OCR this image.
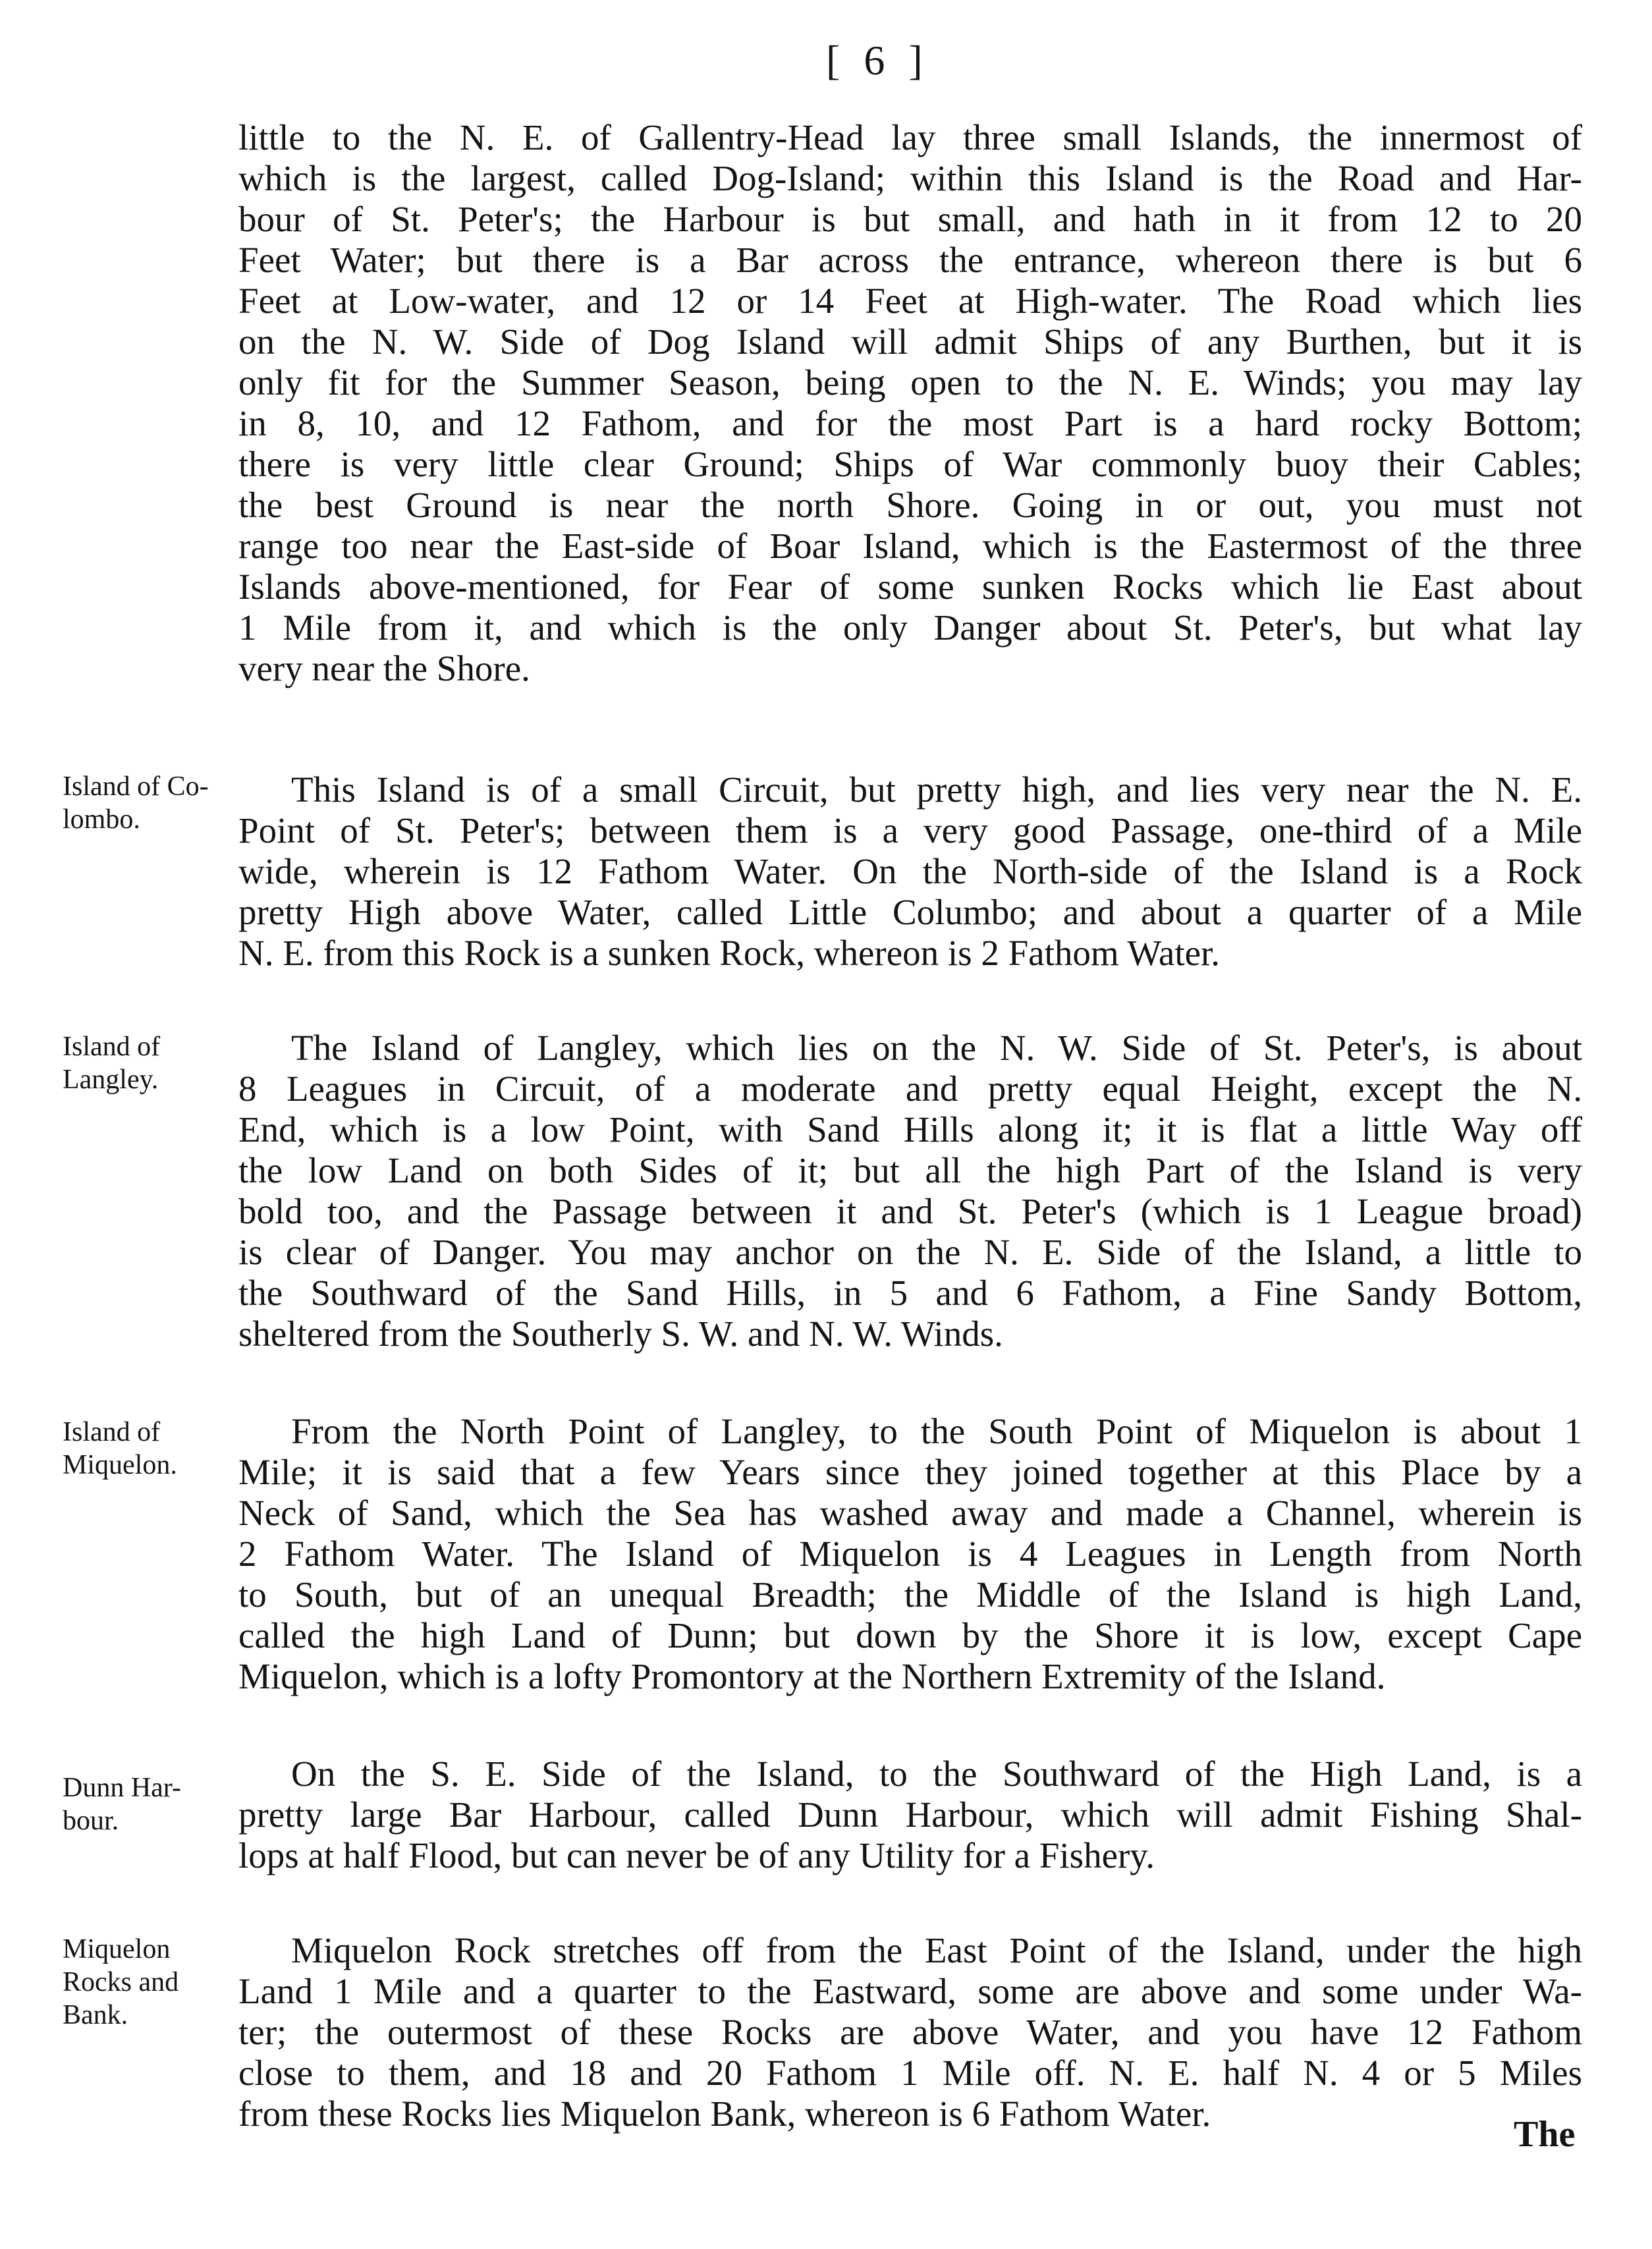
[ 6 ]

little to the N. E. of Gallentry-Head lay three small Islands, the innermost of

which is the largest, called Dog-Island; within this Island is the Road and Har-

bour of St. Peter's; the Harbour is but small, and hath in it from 12 to 20

Feet Water; but there is a Bar across the entrance, whereon there is but 6

Feet at Low-water, and 12 or 14 Feet at High-water. The Road which lies

on the N. W. Side of Dog Island will admit Ships of any Burthen, but it is

only fit for the Summer Season, being open to the N. E. Winds; you may lay

in 8, 10, and 12 Fathom, and for the most Part is a hard rocky Bottom;

there is very little clear Ground; Ships of War commonly buoy their Cables;

the best Ground is near the north Shore. Going in or out, you must not

range too near the East-side of Boar Island, which is the Eastermost of the three

Islands above-mentioned, for Fear of some sunken Rocks which lie East about

1 Mile from it, and which is the only Danger about St. Peter's, but what lay

very near the Shore.

Island of Co-

lombo.

This Island is of a small Circuit, but pretty high, and lies very near the N. E.

Point of St. Peter's; between them is a very good Passage, one-third of a Mile

wide, wherein is 12 Fathom Water. On the North-side of the Island is a Rock

pretty High above Water, called Little Columbo; and about a quarter of a Mile

N. E. from this Rock is a sunken Rock, whereon is 2 Fathom Water.

Island of

Langley.

The Island of Langley, which lies on the N. W. Side of St. Peter's, is about

8 Leagues in Circuit, of a moderate and pretty equal Height, except the N.

End, which is a low Point, with Sand Hills along it; it is flat a little Way off

the low Land on both Sides of it; but all the high Part of the Island is very

bold too, and the Passage between it and St. Peter's (which is 1 League broad)

is clear of Danger. You may anchor on the N. E. Side of the Island, a little to

the Southward of the Sand Hills, in 5 and 6 Fathom, a Fine Sandy Bottom,

sheltered from the Southerly S. W. and N. W. Winds.

Island of

Miquelon.

From the North Point of Langley, to the South Point of Miquelon is about 1

Mile; it is said that a few Years since they joined together at this Place by a

Neck of Sand, which the Sea has washed away and made a Channel, wherein is

2 Fathom Water. The Island of Miquelon is 4 Leagues in Length from North

to South, but of an unequal Breadth; the Middle of the Island is high Land,

called the high Land of Dunn; but down by the Shore it is low, except Cape

Miquelon, which is a lofty Promontory at the Northern Extremity of the Island.

Dunn Har-

bour.

On the S. E. Side of the Island, to the Southward of the High Land, is a

pretty large Bar Harbour, called Dunn Harbour, which will admit Fishing Shal-

lops at half Flood, but can never be of any Utility for a Fishery.

Miquelon

Rocks and

Bank.

Miquelon Rock stretches off from the East Point of the Island, under the high

Land 1 Mile and a quarter to the Eastward, some are above and some under Wa-

ter; the outermost of these Rocks are above Water, and you have 12 Fathom

close to them, and 18 and 20 Fathom 1 Mile off. N. E. half N. 4 or 5 Miles

from these Rocks lies Miquelon Bank, whereon is 6 Fathom Water.

The
